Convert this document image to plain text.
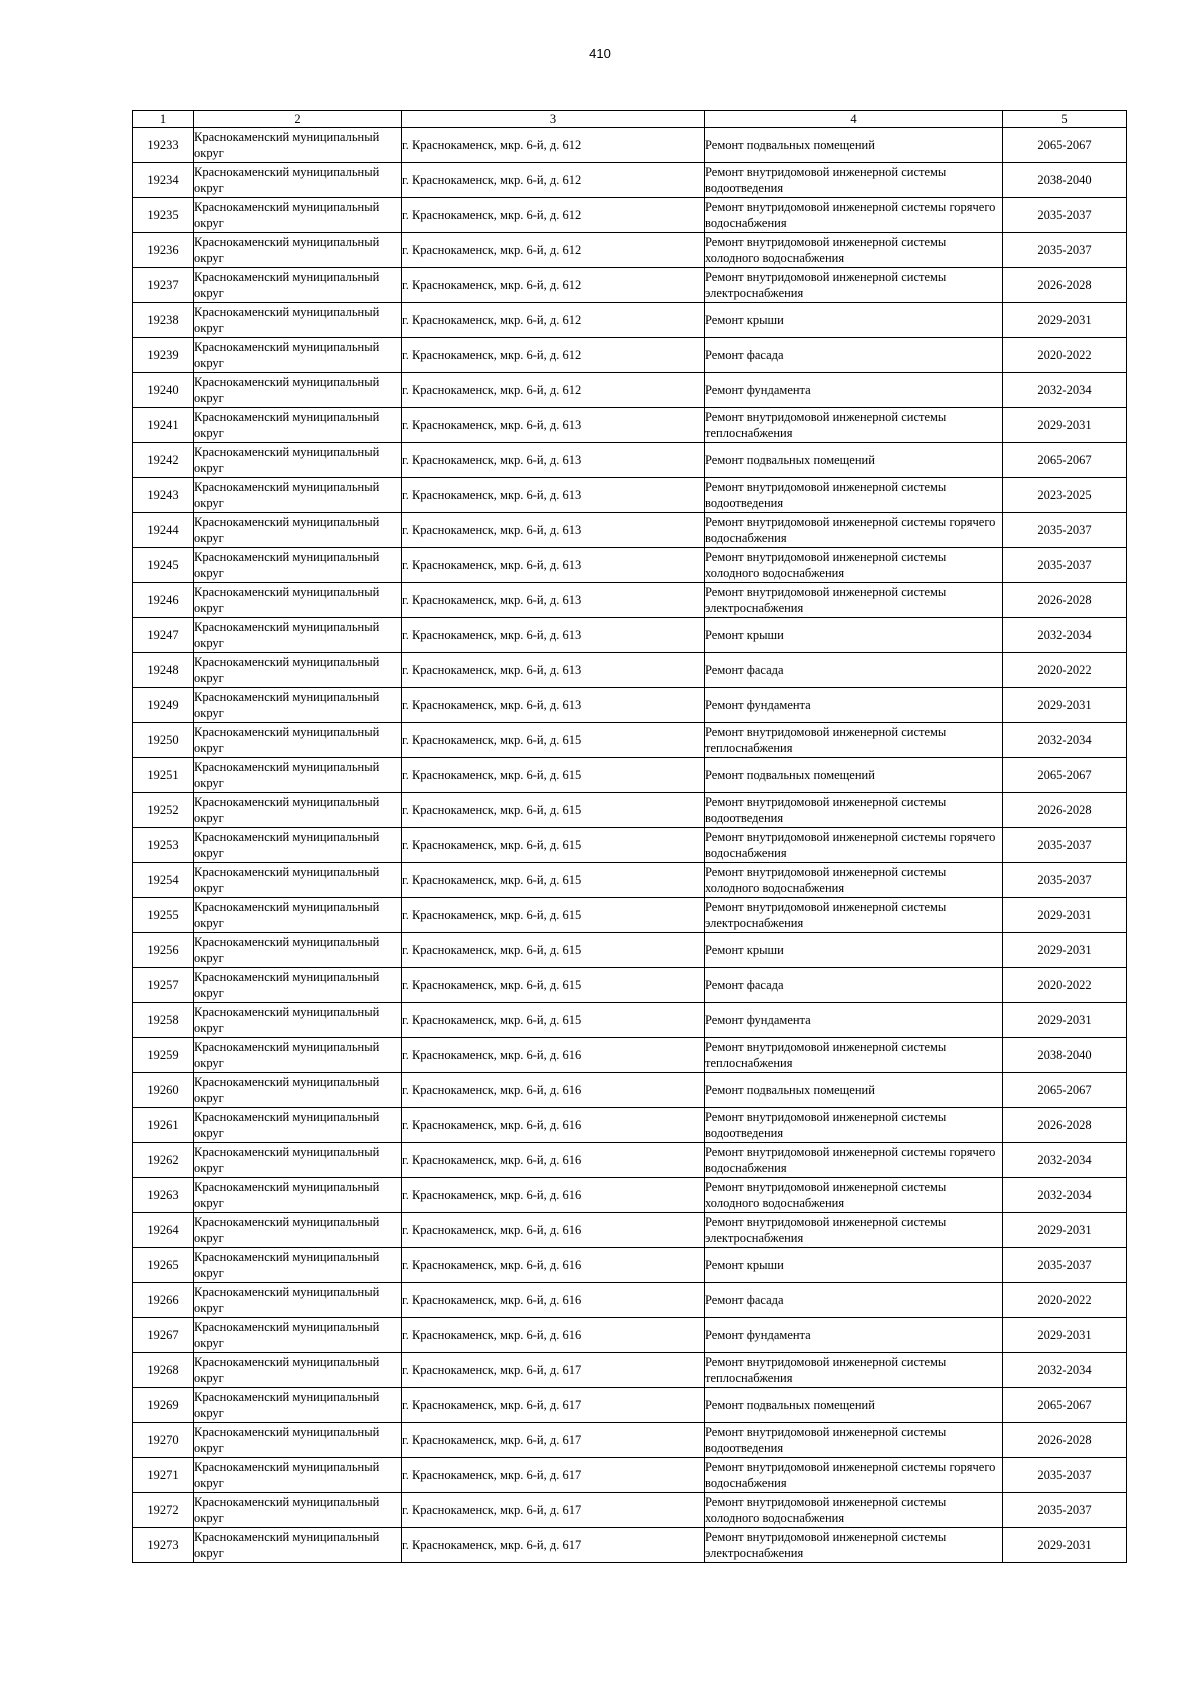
410
1	2	3	4	5
19233	Краснокаменский муниципальный округ	г. Краснокаменск, мкр. 6-й, д. 612	Ремонт подвальных помещений	2065-2067
19234	Краснокаменский муниципальный округ	г. Краснокаменск, мкр. 6-й, д. 612	Ремонт внутридомовой инженерной системы водоотведения	2038-2040
19235	Краснокаменский муниципальный округ	г. Краснокаменск, мкр. 6-й, д. 612	Ремонт внутридомовой инженерной системы горячего водоснабжения	2035-2037
19236	Краснокаменский муниципальный округ	г. Краснокаменск, мкр. 6-й, д. 612	Ремонт внутридомовой инженерной системы холодного водоснабжения	2035-2037
19237	Краснокаменский муниципальный округ	г. Краснокаменск, мкр. 6-й, д. 612	Ремонт внутридомовой инженерной системы электроснабжения	2026-2028
19238	Краснокаменский муниципальный округ	г. Краснокаменск, мкр. 6-й, д. 612	Ремонт крыши	2029-2031
19239	Краснокаменский муниципальный округ	г. Краснокаменск, мкр. 6-й, д. 612	Ремонт фасада	2020-2022
19240	Краснокаменский муниципальный округ	г. Краснокаменск, мкр. 6-й, д. 612	Ремонт фундамента	2032-2034
19241	Краснокаменский муниципальный округ	г. Краснокаменск, мкр. 6-й, д. 613	Ремонт внутридомовой инженерной системы теплоснабжения	2029-2031
19242	Краснокаменский муниципальный округ	г. Краснокаменск, мкр. 6-й, д. 613	Ремонт подвальных помещений	2065-2067
19243	Краснокаменский муниципальный округ	г. Краснокаменск, мкр. 6-й, д. 613	Ремонт внутридомовой инженерной системы водоотведения	2023-2025
19244	Краснокаменский муниципальный округ	г. Краснокаменск, мкр. 6-й, д. 613	Ремонт внутридомовой инженерной системы горячего водоснабжения	2035-2037
19245	Краснокаменский муниципальный округ	г. Краснокаменск, мкр. 6-й, д. 613	Ремонт внутридомовой инженерной системы холодного водоснабжения	2035-2037
19246	Краснокаменский муниципальный округ	г. Краснокаменск, мкр. 6-й, д. 613	Ремонт внутридомовой инженерной системы электроснабжения	2026-2028
19247	Краснокаменский муниципальный округ	г. Краснокаменск, мкр. 6-й, д. 613	Ремонт крыши	2032-2034
19248	Краснокаменский муниципальный округ	г. Краснокаменск, мкр. 6-й, д. 613	Ремонт фасада	2020-2022
19249	Краснокаменский муниципальный округ	г. Краснокаменск, мкр. 6-й, д. 613	Ремонт фундамента	2029-2031
19250	Краснокаменский муниципальный округ	г. Краснокаменск, мкр. 6-й, д. 615	Ремонт внутридомовой инженерной системы теплоснабжения	2032-2034
19251	Краснокаменский муниципальный округ	г. Краснокаменск, мкр. 6-й, д. 615	Ремонт подвальных помещений	2065-2067
19252	Краснокаменский муниципальный округ	г. Краснокаменск, мкр. 6-й, д. 615	Ремонт внутридомовой инженерной системы водоотведения	2026-2028
19253	Краснокаменский муниципальный округ	г. Краснокаменск, мкр. 6-й, д. 615	Ремонт внутридомовой инженерной системы горячего водоснабжения	2035-2037
19254	Краснокаменский муниципальный округ	г. Краснокаменск, мкр. 6-й, д. 615	Ремонт внутридомовой инженерной системы холодного водоснабжения	2035-2037
19255	Краснокаменский муниципальный округ	г. Краснокаменск, мкр. 6-й, д. 615	Ремонт внутридомовой инженерной системы электроснабжения	2029-2031
19256	Краснокаменский муниципальный округ	г. Краснокаменск, мкр. 6-й, д. 615	Ремонт крыши	2029-2031
19257	Краснокаменский муниципальный округ	г. Краснокаменск, мкр. 6-й, д. 615	Ремонт фасада	2020-2022
19258	Краснокаменский муниципальный округ	г. Краснокаменск, мкр. 6-й, д. 615	Ремонт фундамента	2029-2031
19259	Краснокаменский муниципальный округ	г. Краснокаменск, мкр. 6-й, д. 616	Ремонт внутридомовой инженерной системы теплоснабжения	2038-2040
19260	Краснокаменский муниципальный округ	г. Краснокаменск, мкр. 6-й, д. 616	Ремонт подвальных помещений	2065-2067
19261	Краснокаменский муниципальный округ	г. Краснокаменск, мкр. 6-й, д. 616	Ремонт внутридомовой инженерной системы водоотведения	2026-2028
19262	Краснокаменский муниципальный округ	г. Краснокаменск, мкр. 6-й, д. 616	Ремонт внутридомовой инженерной системы горячего водоснабжения	2032-2034
19263	Краснокаменский муниципальный округ	г. Краснокаменск, мкр. 6-й, д. 616	Ремонт внутридомовой инженерной системы холодного водоснабжения	2032-2034
19264	Краснокаменский муниципальный округ	г. Краснокаменск, мкр. 6-й, д. 616	Ремонт внутридомовой инженерной системы электроснабжения	2029-2031
19265	Краснокаменский муниципальный округ	г. Краснокаменск, мкр. 6-й, д. 616	Ремонт крыши	2035-2037
19266	Краснокаменский муниципальный округ	г. Краснокаменск, мкр. 6-й, д. 616	Ремонт фасада	2020-2022
19267	Краснокаменский муниципальный округ	г. Краснокаменск, мкр. 6-й, д. 616	Ремонт фундамента	2029-2031
19268	Краснокаменский муниципальный округ	г. Краснокаменск, мкр. 6-й, д. 617	Ремонт внутридомовой инженерной системы теплоснабжения	2032-2034
19269	Краснокаменский муниципальный округ	г. Краснокаменск, мкр. 6-й, д. 617	Ремонт подвальных помещений	2065-2067
19270	Краснокаменский муниципальный округ	г. Краснокаменск, мкр. 6-й, д. 617	Ремонт внутридомовой инженерной системы водоотведения	2026-2028
19271	Краснокаменский муниципальный округ	г. Краснокаменск, мкр. 6-й, д. 617	Ремонт внутридомовой инженерной системы горячего водоснабжения	2035-2037
19272	Краснокаменский муниципальный округ	г. Краснокаменск, мкр. 6-й, д. 617	Ремонт внутридомовой инженерной системы холодного водоснабжения	2035-2037
19273	Краснокаменский муниципальный округ	г. Краснокаменск, мкр. 6-й, д. 617	Ремонт внутридомовой инженерной системы электроснабжения	2029-2031
